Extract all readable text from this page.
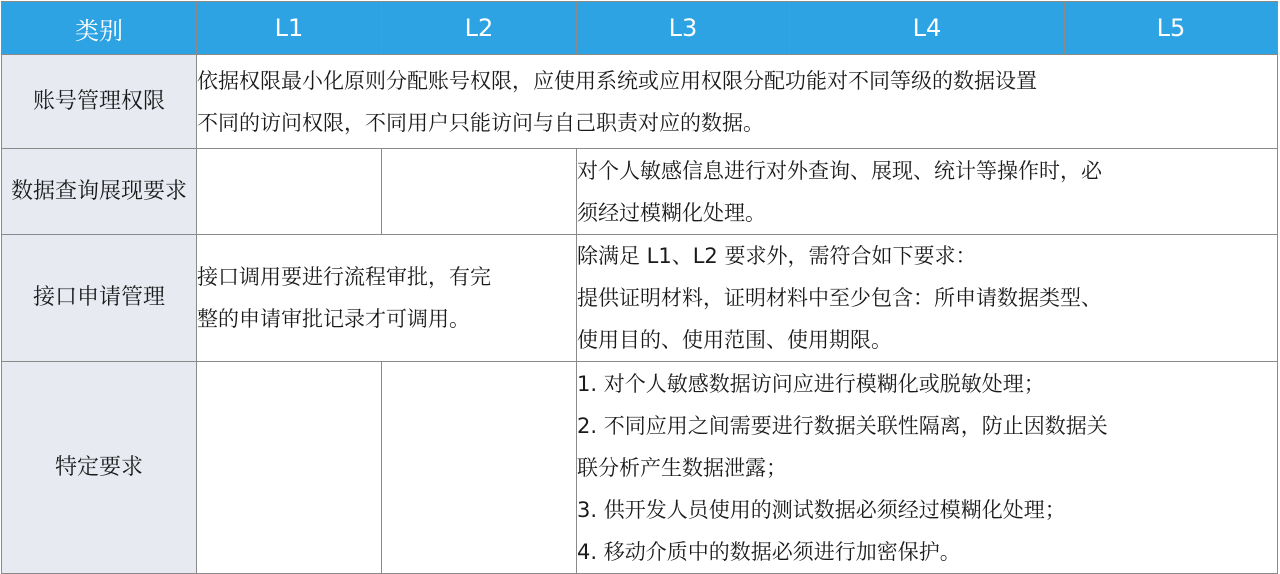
类别	L1	L2	L3	L4	L5
账号管理权限	依据权限最小化原则分配账号权限，应使用系统或应用权限分配功能对不同等级的数据设置
不同的访问权限，不同用户只能访问与自己职责对应的数据。				

数据查询展现要求			对个人敏感信息进行对外查询、展现、统计等操作时，必
须经过模糊化处理。		

接口申请管理	接口调用要进行流程审批，有完
整的申请审批记录才可调用。		除满足 L1、L2 要求外，需符合如下要求：
提供证明材料，证明材料中至少包含：所申请数据类型、
使用目的、使用范围、使用期限。		

特定要求			1. 对个人敏感数据访问应进行模糊化或脱敏处理；
2. 不同应用之间需要进行数据关联性隔离，防止因数据关
联分析产生数据泄露；
3. 供开发人员使用的测试数据必须经过模糊化处理；
4. 移动介质中的数据必须进行加密保护。		
